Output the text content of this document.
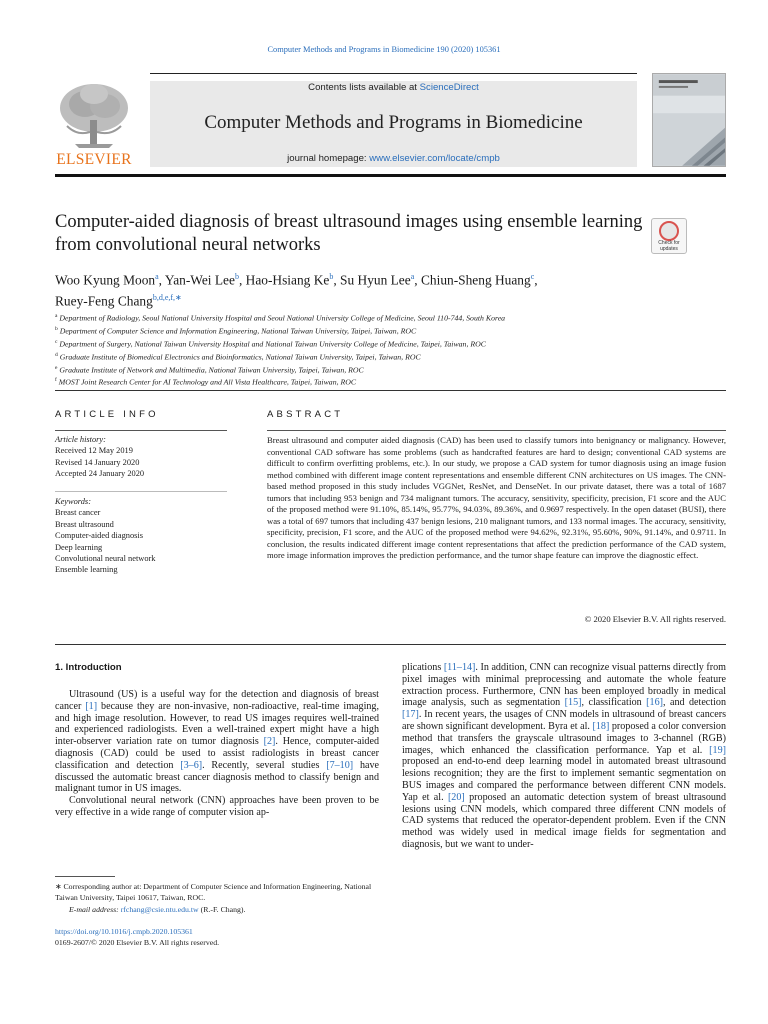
Computer Methods and Programs in Biomedicine 190 (2020) 105361
ELSEVIER
Contents lists available at ScienceDirect
Computer Methods and Programs in Biomedicine
journal homepage: www.elsevier.com/locate/cmpb
Computer-aided diagnosis of breast ultrasound images using ensemble learning from convolutional neural networks	Check for updates
Woo Kyung Moon$^a$, Yan-Wei Lee$^b$, Hao-Hsiang Ke$^b$, Su Hyun Lee$^a$, Chiun-Sheng Huang$^c$,
Ruey-Feng Chang$^{b,d,e,f,∗}$
$^a$ Department of Radiology, Seoul National University Hospital and Seoul National University College of Medicine, Seoul 110-744, South Korea
$^b$ Department of Computer Science and Information Engineering, National Taiwan University, Taipei, Taiwan, ROC
$^c$ Department of Surgery, National Taiwan University Hospital and National Taiwan University College of Medicine, Taipei, Taiwan, ROC
$^d$ Graduate Institute of Biomedical Electronics and Bioinformatics, National Taiwan University, Taipei, Taiwan, ROC
$^e$ Graduate Institute of Network and Multimedia, National Taiwan University, Taipei, Taiwan, ROC
$^f$ MOST Joint Research Center for AI Technology and All Vista Healthcare, Taipei, Taiwan, ROC
ARTICLE INFO
Article history:
Received 12 May 2019
Revised 14 January 2020
Accepted 24 January 2020
Keywords:
Breast cancer
Breast ultrasound
Computer-aided diagnosis
Deep learning
Convolutional neural network
Ensemble learning
ABSTRACT
Breast ultrasound and computer aided diagnosis (CAD) has been used to classify tumors into benignancy or malignancy. However, conventional CAD software has some problems (such as handcrafted features are hard to design; conventional CAD systems are difficult to confirm overfitting problems, etc.). In our study, we propose a CAD system for tumor diagnosis using an image fusion method combined with different image content representations and ensemble different CNN architectures on US images. The CNN-based method proposed in this study includes VGGNet, ResNet, and DenseNet. In our private dataset, there was a total of 1687 tumors that including 953 benign and 734 malignant tumors. The accuracy, sensitivity, specificity, precision, F1 score and the AUC of the proposed method were 91.10%, 85.14%, 95.77%, 94.03%, 89.36%, and 0.9697 respectively. In the open dataset (BUSI), there was a total of 697 tumors that including 437 benign lesions, 210 malignant tumors, and 133 normal images. The accuracy, sensitivity, specificity, precision, F1 score, and the AUC of the proposed method were 94.62%, 92.31%, 95.60%, 90%, 91.14%, and 0.9711. In conclusion, the results indicated different image content representations that affect the prediction performance of the CAD system, more image information improves the prediction performance, and the tumor shape feature can improve the diagnostic effect.
© 2020 Elsevier B.V. All rights reserved.
1. Introduction

Ultrasound (US) is a useful way for the detection and diagnosis of breast cancer [1] because they are non-invasive, non-radioactive, real-time imaging, and high image resolution. However, to read US images requires well-trained and experienced radiologists. Even a well-trained expert might have a high inter-observer variation rate on tumor diagnosis [2]. Hence, computer-aided diagnosis (CAD) could be used to assist radiologists in breast cancer classification and detection [3–6]. Recently, several studies [7–10] have discussed the automatic breast cancer diagnosis method to classify benign and malignant tumor in US images.

Convolutional neural network (CNN) approaches have been proven to be very effective in a wide range of computer vision ap-

plications [11–14]. In addition, CNN can recognize visual patterns directly from pixel images with minimal preprocessing and automate the whole feature extraction process. Furthermore, CNN has been employed broadly in medical image analysis, such as segmentation [15], classification [16], and detection [17]. In recent years, the usages of CNN models in ultrasound of breast cancers are shown significant development. Byra et al. [18] proposed a color conversion method that transfers the grayscale ultrasound images to 3-channel (RGB) images, which enhanced the classification performance. Yap et al. [19] proposed an end-to-end deep learning model in automated breast ultrasound lesions recognition; they are the first to implement semantic segmentation on BUS images and compared the performance between different CNN models. Yap et al. [20] proposed an automatic detection system of breast ultrasound lesions using CNN models, which compared three different CNN models of CAD systems that reduced the operator-dependent problem. Even if the CNN method was widely used in medical image fields for segmentation and diagnosis, but we want to under-

∗ Corresponding author at: Department of Computer Science and Information Engineering, National Taiwan University, Taipei 10617, Taiwan, ROC.
E-mail address: rfchang@csie.ntu.edu.tw (R.-F. Chang).
https://doi.org/10.1016/j.cmpb.2020.105361
0169-2607/© 2020 Elsevier B.V. All rights reserved.
